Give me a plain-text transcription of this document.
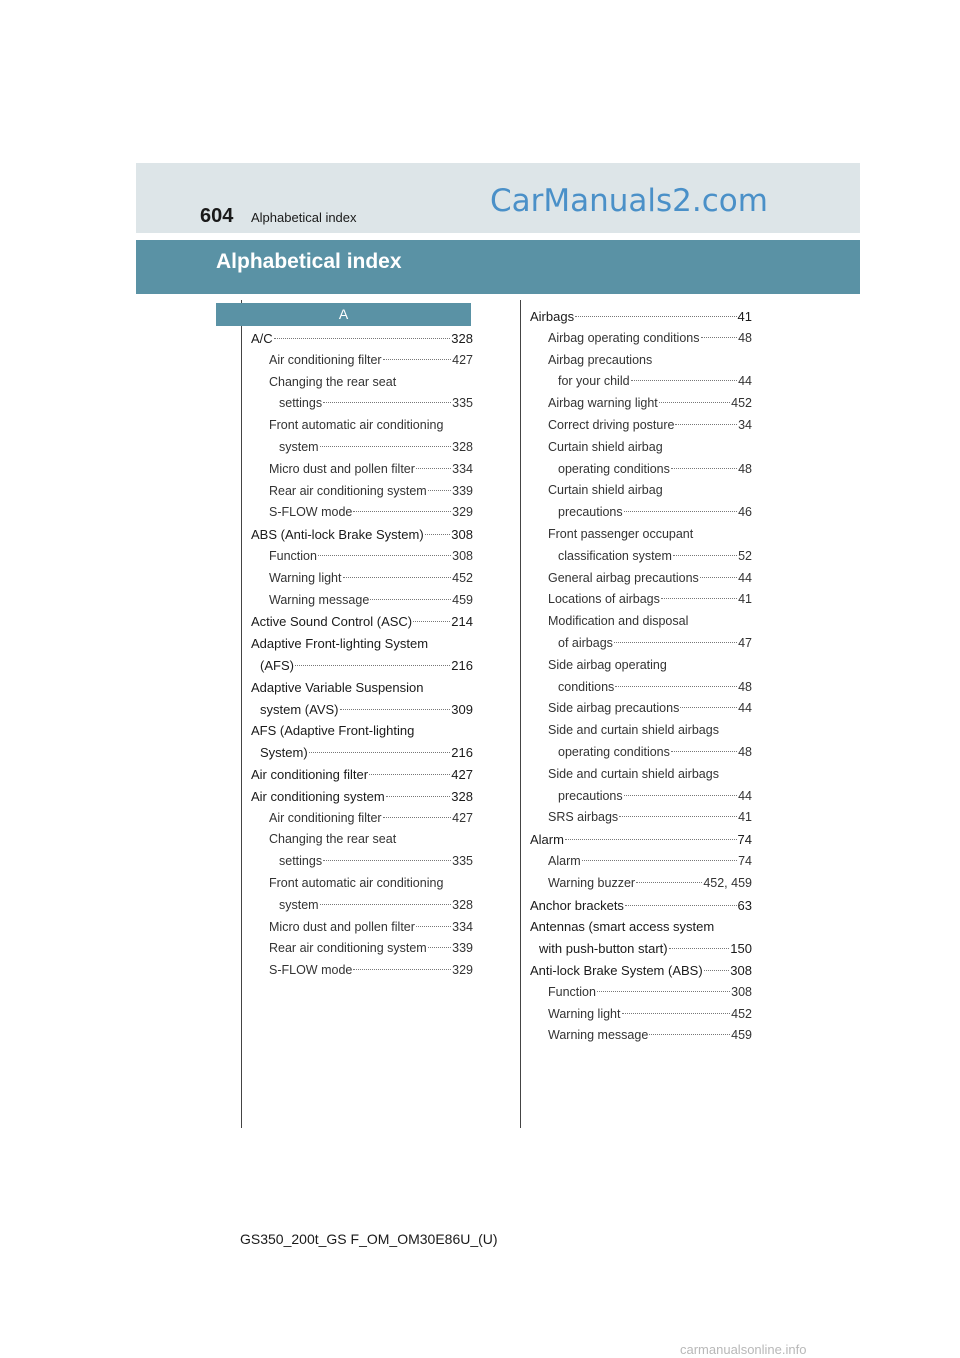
604 Alphabetical index	CarManuals2.com
Alphabetical index
A
A/C	328
Air conditioning filter	427
Changing the rear seat
settings	335
Front automatic air conditioning
system	328
Micro dust and pollen filter	334
Rear air conditioning system 339
S-FLOW mode	329
ABS (Anti-lock Brake System) 308
Function	308
Warning light	452
Warning message	459
Active Sound Control (ASC)	214
Adaptive Front-lighting System
(AFS)	216
Adaptive Variable Suspension
system (AVS)	309
AFS (Adaptive Front-lighting
System)	216
Air conditioning filter	427
Air conditioning system	328
Air conditioning filter	427
Changing the rear seat
settings	335
Front automatic air conditioning
system	328
Micro dust and pollen filter	334
Rear air conditioning system 339
S-FLOW mode	329
Airbags	41
Airbag operating conditions	48
Airbag precautions
for your child	44
Airbag warning light	452
Correct driving posture	34
Curtain shield airbag
operating conditions	48
Curtain shield airbag
precautions	46
Front passenger occupant
classification system	52
General airbag precautions	44
Locations of airbags	41
Modification and disposal
of airbags	47
Side airbag operating
conditions	48
Side airbag precautions	44
Side and curtain shield airbags
operating conditions	48
Side and curtain shield airbags
precautions	44
SRS airbags	41
Alarm	74
Alarm	74
Warning buzzer	452, 459
Anchor brackets	63
Antennas (smart access system
with push-button start)	150
Anti-lock Brake System (ABS) 308
Function	308
Warning light	452
Warning message	459
GS350_200t_GS F_OM_OM30E86U_(U)
carmanualsonline.info
